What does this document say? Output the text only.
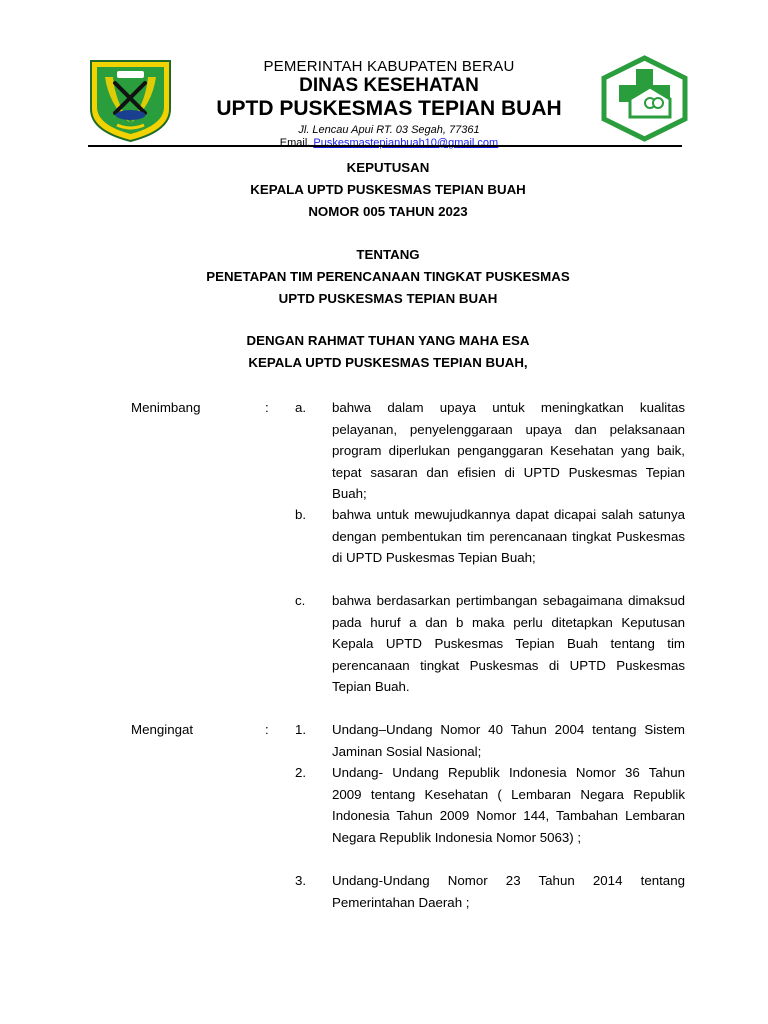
PEMERINTAH KABUPATEN BERAU
DINAS KESEHATAN
UPTD PUSKESMAS TEPIAN BUAH
Jl. Lencau Apui RT. 03 Segah, 77361
Email. Puskesmastepianbuah10@gmail.com
KEPUTUSAN
KEPALA UPTD PUSKESMAS TEPIAN BUAH
NOMOR 005 TAHUN 2023
TENTANG
PENETAPAN TIM PERENCANAAN TINGKAT PUSKESMAS
UPTD PUSKESMAS TEPIAN BUAH
DENGAN RAHMAT TUHAN YANG MAHA ESA
KEPALA UPTD PUSKESMAS TEPIAN BUAH,
Menimbang	: a. bahwa dalam upaya untuk meningkatkan kualitas pelayanan, penyelenggaraan upaya dan pelaksanaan program diperlukan penganggaran Kesehatan yang baik, tepat sasaran dan efisien di UPTD Puskesmas Tepian Buah;
b. bahwa untuk mewujudkannya dapat dicapai salah satunya dengan pembentukan tim perencanaan tingkat Puskesmas di UPTD Puskesmas Tepian Buah;
c. bahwa berdasarkan pertimbangan sebagaimana dimaksud pada huruf a dan b maka perlu ditetapkan Keputusan Kepala UPTD Puskesmas Tepian Buah tentang tim perencanaan tingkat Puskesmas di UPTD Puskesmas Tepian Buah.
Mengingat	: 1. Undang–Undang Nomor 40 Tahun 2004 tentang Sistem Jaminan Sosial Nasional;
2. Undang- Undang Republik Indonesia Nomor 36 Tahun 2009 tentang Kesehatan ( Lembaran Negara Republik Indonesia Tahun 2009 Nomor 144, Tambahan Lembaran Negara Republik Indonesia Nomor 5063) ;
3. Undang-Undang Nomor 23 Tahun 2014 tentang Pemerintahan Daerah ;
